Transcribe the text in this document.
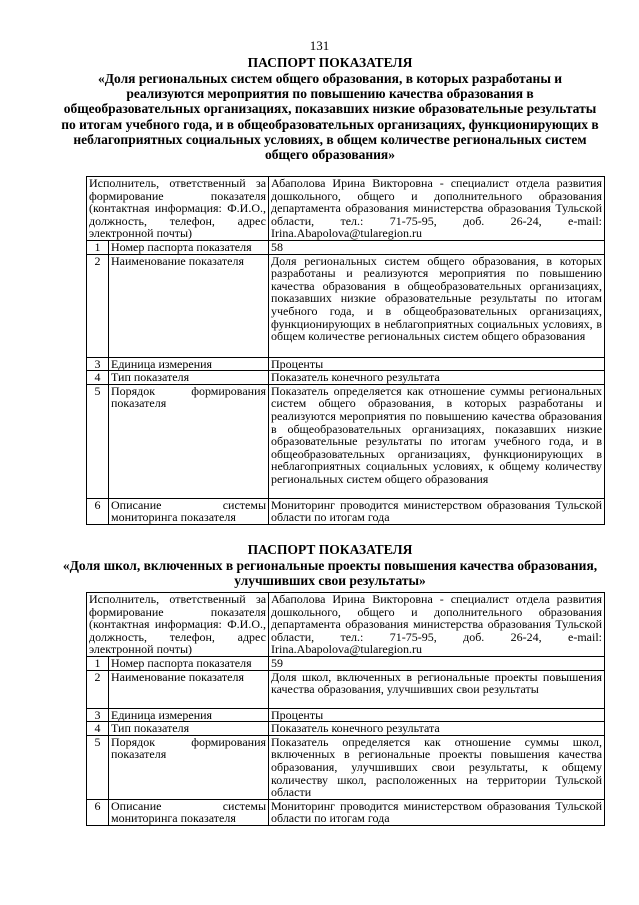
131
ПАСПОРТ ПОКАЗАТЕЛЯ
«Доля региональных систем общего образования, в которых разработаны и реализуются мероприятия по повышению качества образования в общеобразовательных организациях, показавших низкие образовательные результаты по итогам учебного года, и в общеобразовательных организациях, функционирующих в неблагоприятных социальных условиях, в общем количестве региональных систем общего образования»
Исполнитель, ответственный за формирование показателя (контактная информация: Ф.И.О., должность, телефон, адрес электронной почты)		Абаполова Ирина Викторовна - специалист отдела развития дошкольного, общего и дополнительного образования департамента образования министерства образования Тульской области, тел.: 71-75-95, доб. 26-24, e-mail: Irina.Abapolova@tularegion.ru
1	Номер паспорта показателя	58
2	Наименование показателя	Доля региональных систем общего образования, в которых разработаны и реализуются мероприятия по повышению качества образования в общеобразовательных организациях, показавших низкие образовательные результаты по итогам учебного года, и в общеобразовательных организациях, функционирующих в неблагоприятных социальных условиях, в общем количестве региональных систем общего образования
3	Единица измерения	Проценты
4	Тип показателя	Показатель конечного результата
5	Порядок формирования показателя	Показатель определяется как отношение суммы региональных систем общего образования, в которых разработаны и реализуются мероприятия по повышению качества образования в общеобразовательных организациях, показавших низкие образовательные результаты по итогам учебного года, и в общеобразовательных организациях, функционирующих в неблагоприятных социальных условиях, к общему количеству региональных систем общего образования
6	Описание системы мониторинга показателя	Мониторинг проводится министерством образования Тульской области по итогам года
ПАСПОРТ ПОКАЗАТЕЛЯ
«Доля школ, включенных в региональные проекты повышения качества образования, улучшивших свои результаты»
Исполнитель, ответственный за формирование показателя (контактная информация: Ф.И.О., должность, телефон, адрес электронной почты)		Абаполова Ирина Викторовна - специалист отдела развития дошкольного, общего и дополнительного образования департамента образования министерства образования Тульской области, тел.: 71-75-95, доб. 26-24, e-mail: Irina.Abapolova@tularegion.ru
1	Номер паспорта показателя	59
2	Наименование показателя	Доля школ, включенных в региональные проекты повышения качества образования, улучшивших свои результаты
3	Единица измерения	Проценты
4	Тип показателя	Показатель конечного результата
5	Порядок формирования показателя	Показатель определяется как отношение суммы школ, включенных в региональные проекты повышения качества образования, улучшивших свои результаты, к общему количеству школ, расположенных на территории Тульской области
6	Описание системы мониторинга показателя	Мониторинг проводится министерством образования Тульской области по итогам года
